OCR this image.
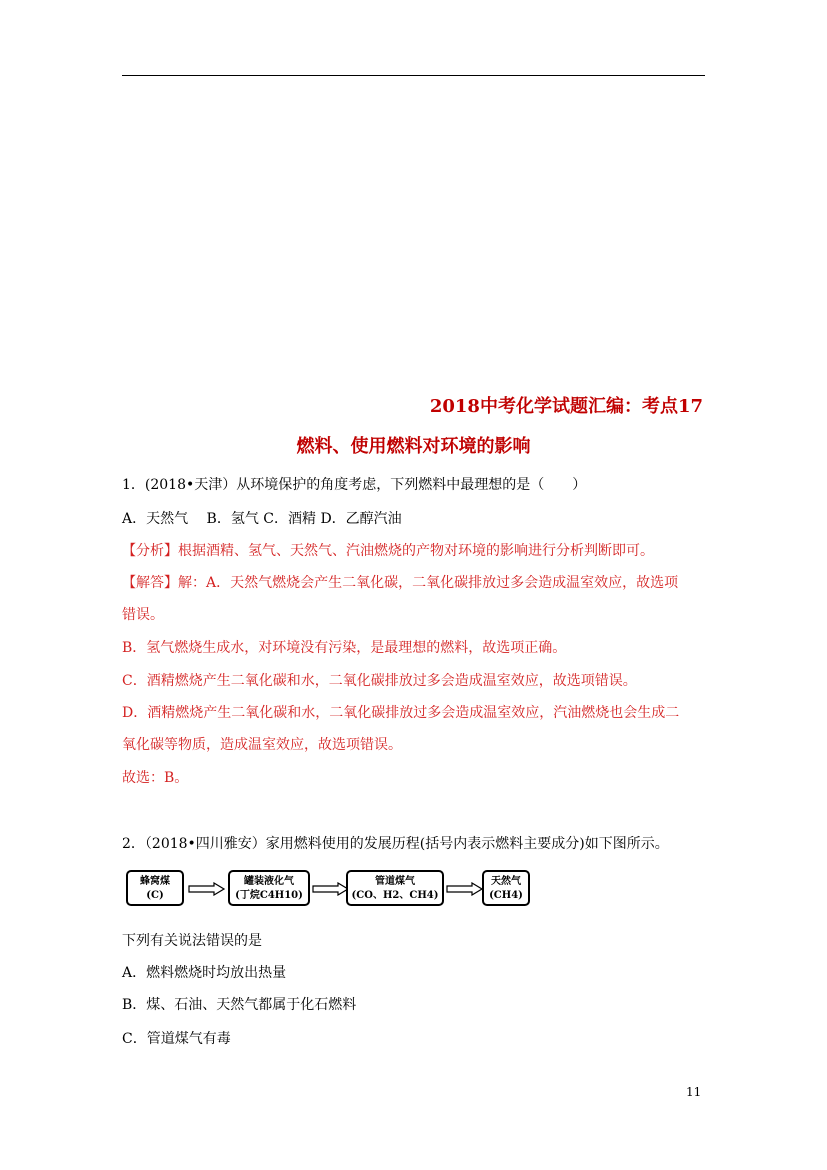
2018中考化学试题汇编：考点17
燃料、使用燃料对环境的影响
1．(2018•天津）从环境保护的角度考虑，下列燃料中最理想的是（　　）
A．天然气　 B．氢气 C．酒精 D．乙醇汽油
【分析】根据酒精、氢气、天然气、汽油燃烧的产物对环境的影响进行分析判断即可。
【解答】解：A．天然气燃烧会产生二氧化碳，二氧化碳排放过多会造成温室效应，故选项
错误。
B．氢气燃烧生成水，对环境没有污染，是最理想的燃料，故选项正确。
C．酒精燃烧产生二氧化碳和水，二氧化碳排放过多会造成温室效应，故选项错误。
D．酒精燃烧产生二氧化碳和水，二氧化碳排放过多会造成温室效应，汽油燃烧也会生成二
氧化碳等物质，造成温室效应，故选项错误。
故选：B。
2．（2018•四川雅安）家用燃料使用的发展历程(括号内表示燃料主要成分)如下图所示。
蜂窝煤
(C)
罐装液化气
(丁烷C4H10)
管道煤气
(CO、H2、CH4)
天然气
(CH4)
下列有关说法错误的是
A．燃料燃烧时均放出热量
B．煤、石油、天然气都属于化石燃料
C．管道煤气有毒
11
